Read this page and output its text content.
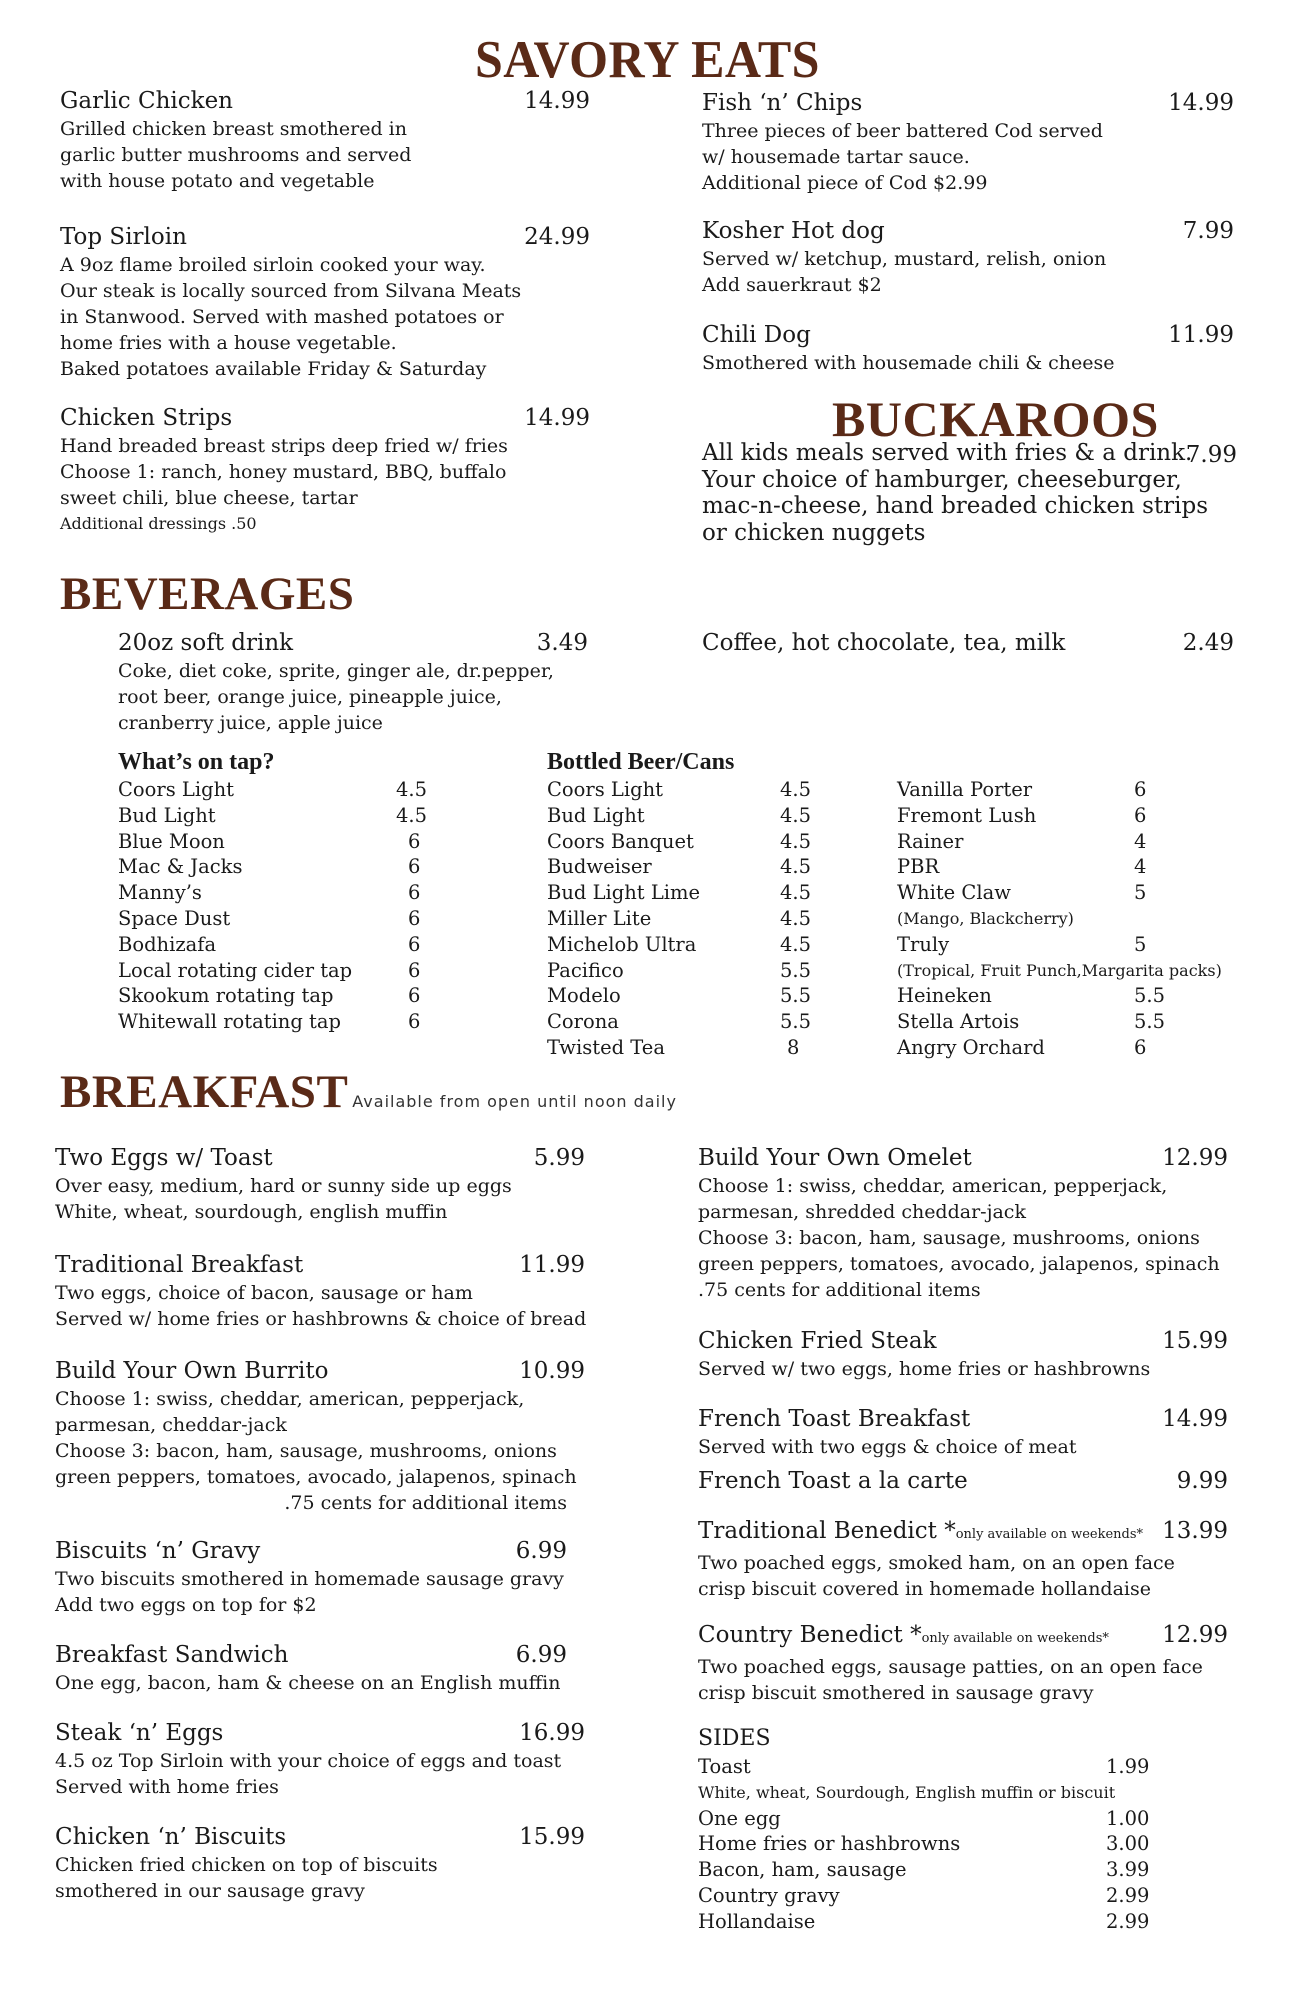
SAVORY EATS
Garlic Chicken	14.99
Grilled chicken breast smothered in
garlic butter mushrooms and served
with house potato and vegetable
Top Sirloin	24.99
A 9oz flame broiled sirloin cooked your way.
Our steak is locally sourced from Silvana Meats
in Stanwood. Served with mashed potatoes or
home fries with a house vegetable.
Baked potatoes available Friday & Saturday
Chicken Strips	14.99
Hand breaded breast strips deep fried w/ fries
Choose 1: ranch, honey mustard, BBQ, buffalo
sweet chili, blue cheese, tartar
Additional dressings .50
Fish ‘n’ Chips	14.99
Three pieces of beer battered Cod served
w/ housemade tartar sauce.
Additional piece of Cod $2.99
Kosher Hot dog	7.99
Served w/ ketchup, mustard, relish, onion
Add sauerkraut $2
Chili Dog	11.99
Smothered with housemade chili & cheese
BUCKAROOS
7.99
All kids meals served with fries & a drink.
Your choice of hamburger, cheeseburger,
mac-n-cheese, hand breaded chicken strips
or chicken nuggets
BEVERAGES
20oz soft drink	3.49
Coke, diet coke, sprite, ginger ale, dr.pepper,
root beer, orange juice, pineapple juice,
cranberry juice, apple juice
Coffee, hot chocolate, tea, milk	2.49
What’s on tap?
Coors Light	4.5
Bud Light	4.5
Blue Moon	6
Mac & Jacks	6
Manny’s	6
Space Dust	6
Bodhizafa	6
Local rotating cider tap	6
Skookum rotating tap	6
Whitewall rotating tap	6
Bottled Beer/Cans
Coors Light	4.5
Bud Light	4.5
Coors Banquet	4.5
Budweiser	4.5
Bud Light Lime	4.5
Miller Lite	4.5
Michelob Ultra	4.5
Pacifico	5.5
Modelo	5.5
Corona	5.5
Twisted Tea	8
Vanilla Porter	6
Fremont Lush	6
Rainer	4
PBR	4
White Claw	5
(Mango, Blackcherry)
Truly	5
(Tropical, Fruit Punch,Margarita packs)
Heineken	5.5
Stella Artois	5.5
Angry Orchard	6
BREAKFAST Available from open until noon daily
Two Eggs w/ Toast	5.99
Over easy, medium, hard or sunny side up eggs
White, wheat, sourdough, english muffin
Traditional Breakfast	11.99
Two eggs, choice of bacon, sausage or ham
Served w/ home fries or hashbrowns & choice of bread
Build Your Own Burrito	10.99
Choose 1: swiss, cheddar, american, pepperjack,
parmesan, cheddar-jack
Choose 3: bacon, ham, sausage, mushrooms, onions
green peppers, tomatoes, avocado, jalapenos, spinach
.75 cents for additional items
Biscuits ‘n’ Gravy	6.99
Two biscuits smothered in homemade sausage gravy
Add two eggs on top for $2
Breakfast Sandwich	6.99
One egg, bacon, ham & cheese on an English muffin
Steak ‘n’ Eggs	16.99
4.5 oz Top Sirloin with your choice of eggs and toast
Served with home fries
Chicken ‘n’ Biscuits	15.99
Chicken fried chicken on top of biscuits
smothered in our sausage gravy
Build Your Own Omelet	12.99
Choose 1: swiss, cheddar, american, pepperjack,
parmesan, shredded cheddar-jack
Choose 3: bacon, ham, sausage, mushrooms, onions
green peppers, tomatoes, avocado, jalapenos, spinach
.75 cents for additional items
Chicken Fried Steak	15.99
Served w/ two eggs, home fries or hashbrowns
French Toast Breakfast	14.99
Served with two eggs & choice of meat
French Toast a la carte	9.99
Traditional Benedict *only available on weekends* 13.99
Two poached eggs, smoked ham, on an open face
crisp biscuit covered in homemade hollandaise
Country Benedict *only available on weekends*	12.99
Two poached eggs, sausage patties, on an open face
crisp biscuit smothered in sausage gravy
SIDES
Toast	1.99
White, wheat, Sourdough, English muffin or biscuit
One egg	1.00
Home fries or hashbrowns	3.00
Bacon, ham, sausage	3.99
Country gravy	2.99
Hollandaise	2.99
